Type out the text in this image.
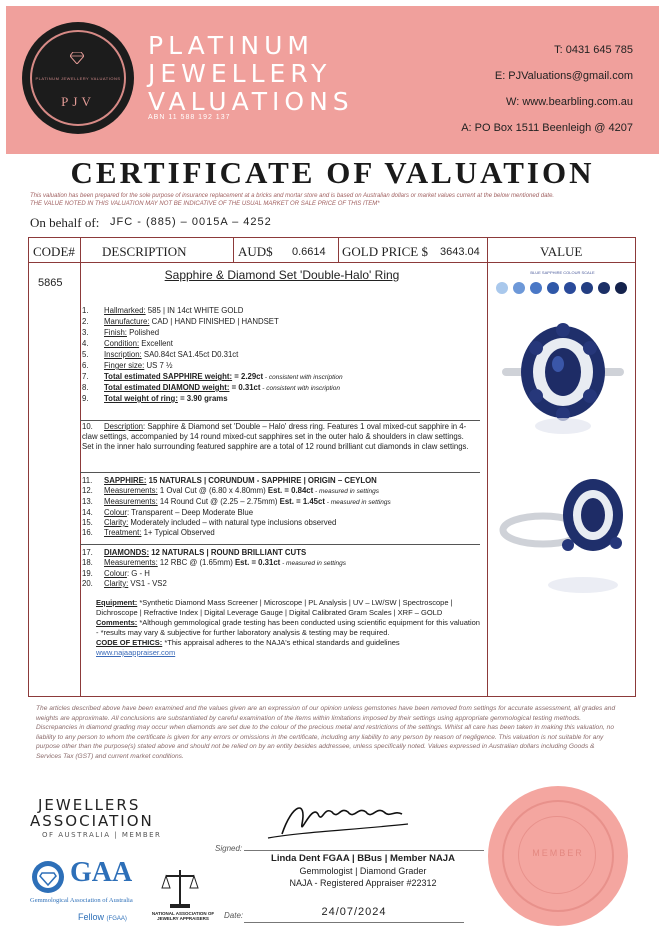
PLATINUM JEWELLERY VALUATIONS
PJV
PLATINUM
JEWELLERY
VALUATIONS
ABN 11 588 192 137
T: 0431 645 785
E: PJValuations@gmail.com
W: www.bearbling.com.au
A: PO Box 1511 Beenleigh @ 4207
CERTIFICATE OF VALUATION
This valuation has been prepared for the sole purpose of insurance replacement at a bricks and mortar store and is based on Australian dollars or market values current at the below mentioned date.
THE VALUE NOTED IN THIS VALUATION MAY NOT BE INDICATIVE OF THE USUAL MARKET OR SALE PRICE OF THIS ITEM*
On behalf of: JFC - (885) – 0015A – 4252
CODE# DESCRIPTION	AUD$ 0.6614 GOLD PRICE $ 3643.04	VALUE
5865
Sapphire & Diamond Set 'Double-Halo' Ring
1. Hallmarked: 585 | IN 14ct WHITE GOLD
2. Manufacture: CAD | HAND FINISHED | HANDSET
3. Finish: Polished
4. Condition: Excellent
5. Inscription: SA0.84ct SA1.45ct D0.31ct
6. Finger size: US 7 ½
7. Total estimated SAPPHIRE weight: = 2.29ct - consistent with inscription
8. Total estimated DIAMOND weight: = 0.31ct - consistent with inscription
9. Total weight of ring: = 3.90 grams
10. Description: Sapphire & Diamond set 'Double – Halo' dress ring. Features 1 oval mixed-cut sapphire in 4-claw settings, accompanied by 14 round mixed-cut sapphires set in the outer halo & shoulders in claw settings. Set in the inner halo surrounding featured sapphire are a total of 12 round brilliant cut diamonds in claw settings.
11. SAPPHIRE: 15 NATURALS | CORUNDUM - SAPPHIRE | ORIGIN – CEYLON
12. Measurements: 1 Oval Cut @ (6.80 x 4.80mm) Est. = 0.84ct - measured in settings
13. Measurements: 14 Round Cut @ (2.25 – 2.75mm) Est. = 1.45ct - measured in settings
14. Colour: Transparent – Deep Moderate Blue
15. Clarity: Moderately included – with natural type inclusions observed
16. Treatment: 1+ Typical Observed
17. DIAMONDS: 12 NATURALS | ROUND BRILLIANT CUTS
18. Measurements: 12 RBC @ (1.65mm) Est. = 0.31ct - measured in settings
19. Colour: G - H
20. Clarity: VS1 - VS2
Equipment: *Synthetic Diamond Mass Screener | Microscope | PL Analysis | UV – LW/SW | Spectroscope | Dichroscope | Refractive Index | Digital Leverage Gauge | Digital Calibrated Gram Scales | XRF – GOLD
Comments: *Although gemmological grade testing has been conducted using scientific equipment for this valuation - *results may vary & subjective for further laboratory analysis & testing may be required.
CODE OF ETHICS: *This appraisal adheres to the NAJA's ethical standards and guidelines
www.najaappraiser.com
BLUE SAPPHIRE COLOUR SCALE
The articles described above have been examined and the values given are an expression of our opinion unless gemstones have been removed from settings for accurate assessment, all grades and weights are approximate. All conclusions are substantiated by careful examination of the items within limitations imposed by their settings using appropriate gemmological testing methods. Discrepancies in diamond grading may occur when diamonds are set due to the colour of the precious metal and restrictions of the settings. Whilst all care has been taken in making this valuation, no liability to any person to whom the certificate is given for any errors or omissions in the certificate, including any liability to any person by reason of negligence. This valuation is not suitable for any purpose other than the purpose(s) stated above and should not be relied on by an entity besides addressee, unless specifically noted. Values expressed in Australian dollars including Goods & Services Tax (GST) and current market conditions.
JEWELLERS
ASSOCIATION
OF AUSTRALIA | MEMBER
GAA
Gemmological Association of Australia
Fellow (FGAA)
NATIONAL ASSOCIATION OF JEWELRY APPRAISERS
Signed:
Linda Dent FGAA | BBus | Member NAJA
Gemmologist | Diamond Grader
NAJA - Registered Appraiser #22312
Date:	24/07/2024
MEMBER
